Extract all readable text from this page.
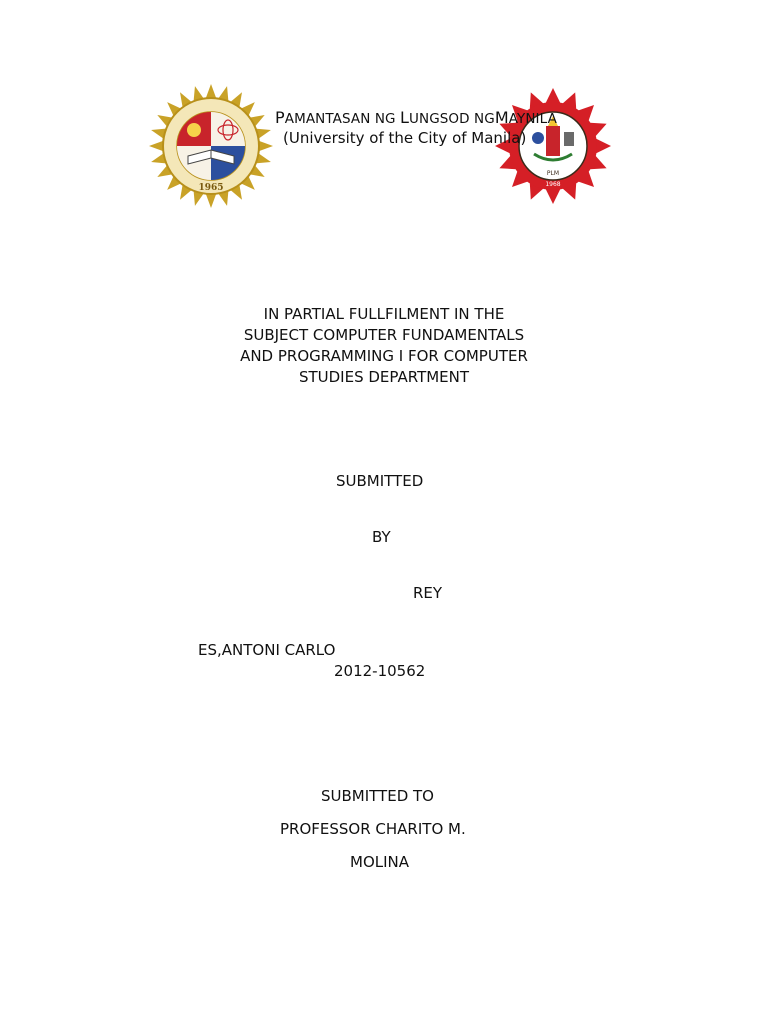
1965
PLM
1968
PAMANTASAN NG LUNGSOD NGMAYNILA
(University of the City of Manila)
IN PARTIAL FULLFILMENT IN THE
SUBJECT COMPUTER FUNDAMENTALS
AND PROGRAMMING I FOR COMPUTER
STUDIES DEPARTMENT
SUBMITTED
BY
REY
ES,ANTONI CARLO
2012-10562
SUBMITTED TO
PROFESSOR CHARITO M.
MOLINA
